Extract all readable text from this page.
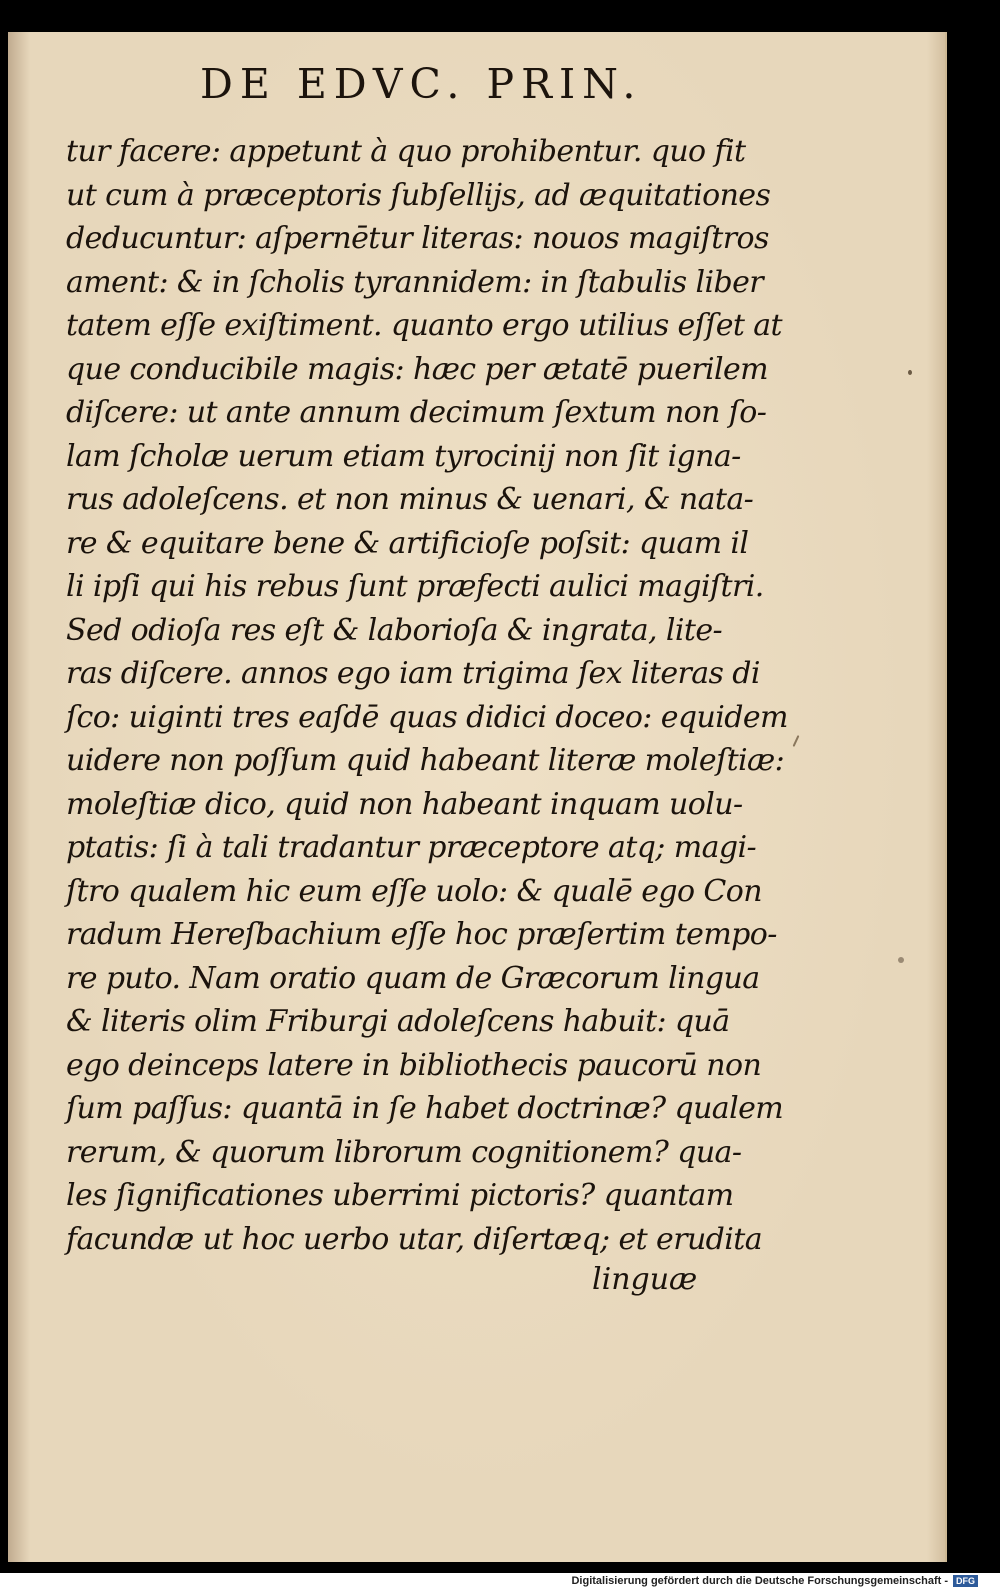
DE EDVC. PRIN.
tur facere: appetunt à quo prohibentur. quo fit
ut cum à præceptoris ſubſellijs, ad æquitationes
deducuntur: aſpernētur literas: nouos magiſtros
ament: & in ſcholis tyrannidem: in ſtabulis liber
tatem eſſe exiſtiment. quanto ergo utilius eſſet at
que conducibile magis: hæc per ætatē puerilem
diſcere: ut ante annum decimum ſextum non ſo-
lam ſcholæ uerum etiam tyrocinij non ſit igna-
rus adoleſcens. et non minus & uenari, & nata-
re & equitare bene & artificioſe poſsit: quam il
li ipſi qui his rebus ſunt præfecti aulici magiſtri.
Sed odioſa res eſt & laborioſa & ingrata, lite-
ras diſcere. annos ego iam trigima ſex literas di
ſco: uiginti tres eaſdē quas didici doceo: equidem
uidere non poſſum quid habeant literæ moleſtiæ:
moleſtiæ dico, quid non habeant inquam uolu-
ptatis: ſi à tali tradantur præceptore atq; magi-
ſtro qualem hic eum eſſe uolo: & qualē ego Con
radum Hereſbachium eſſe hoc præſertim tempo-
re puto. Nam oratio quam de Græcorum lingua
& literis olim Friburgi adoleſcens habuit: quā
ego deinceps latere in bibliothecis paucorū non
ſum paſſus: quantā in ſe habet doctrinæ? qualem
rerum, & quorum librorum cognitionem? qua-
les ſignificationes uberrimi pictoris? quantam
facundæ ut hoc uerbo utar, diſertæq; et erudita
linguæ
Digitalisierung gefördert durch die Deutsche Forschungsgemeinschaft - DFG
